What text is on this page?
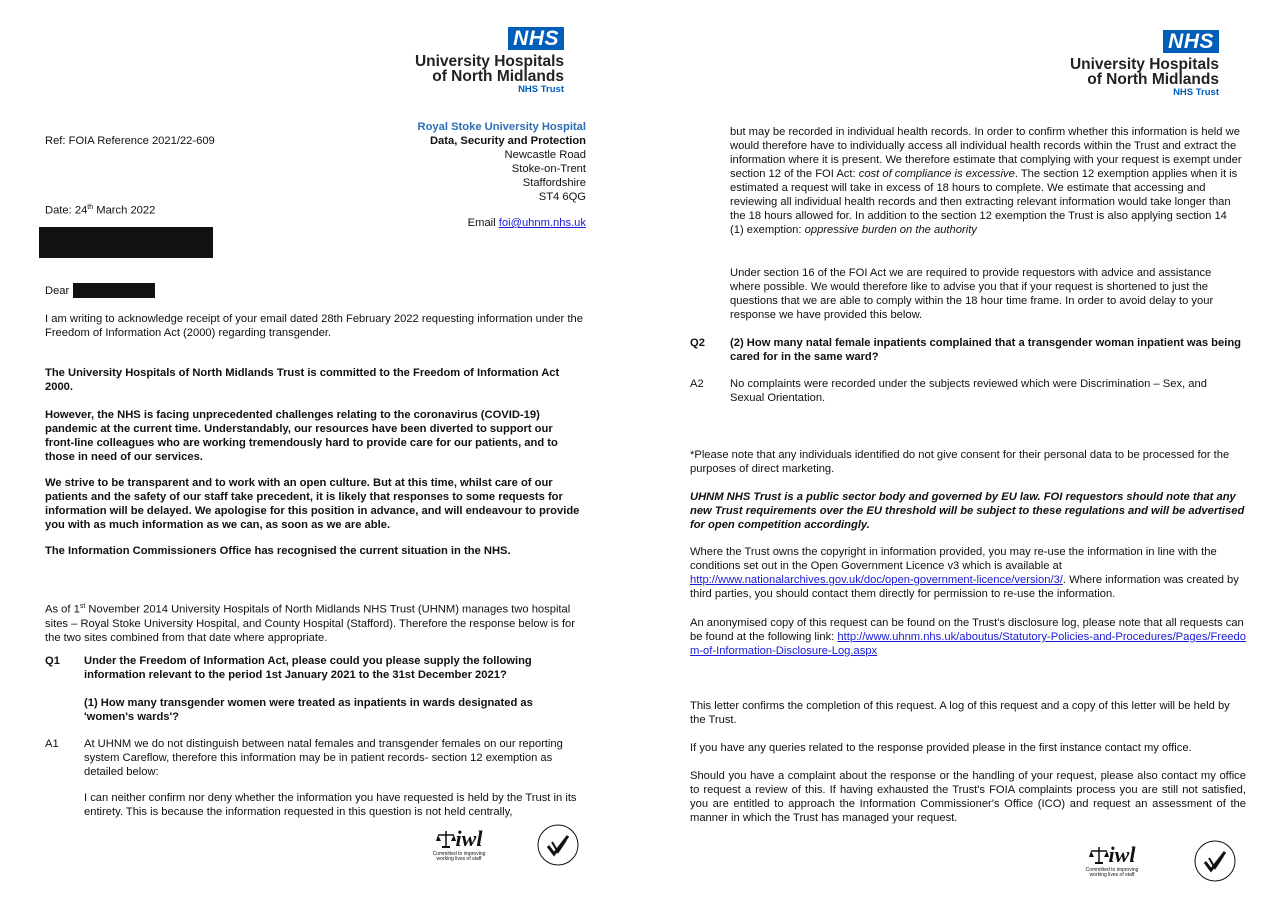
NHS
University Hospitals
of North Midlands
NHS Trust
Royal Stoke University Hospital
Data, Security and Protection
Newcastle Road
Stoke-on-Trent
Staffordshire
ST4 6QG
Email foi@uhnm.nhs.uk
Ref: FOIA Reference 2021/22-609
Date: 24th March 2022
Dear
I am writing to acknowledge receipt of your email dated 28th February 2022 requesting information under the Freedom of Information Act (2000) regarding transgender.
The University Hospitals of North Midlands Trust is committed to the Freedom of Information Act 2000.
However, the NHS is facing unprecedented challenges relating to the coronavirus (COVID-19) pandemic at the current time. Understandably, our resources have been diverted to support our front-line colleagues who are working tremendously hard to provide care for our patients, and to those in need of our services.
We strive to be transparent and to work with an open culture. But at this time, whilst care of our patients and the safety of our staff take precedent, it is likely that responses to some requests for information will be delayed. We apologise for this position in advance, and will endeavour to provide you with as much information as we can, as soon as we are able.
The Information Commissioners Office has recognised the current situation in the NHS.
As of 1st November 2014 University Hospitals of North Midlands NHS Trust (UHNM) manages two hospital sites – Royal Stoke University Hospital, and County Hospital (Stafford). Therefore the response below is for the two sites combined from that date where appropriate.
Q1 Under the Freedom of Information Act, please could you please supply the following information relevant to the period 1st January 2021 to the 31st December 2021?
(1) How many transgender women were treated as inpatients in wards designated as 'women's wards'?
A1 At UHNM we do not distinguish between natal females and transgender females on our reporting system Careflow, therefore this information may be in patient records- section 12 exemption as detailed below:
I can neither confirm nor deny whether the information you have requested is held by the Trust in its entirety. This is because the information requested in this question is not held centrally,
iwl
Committed to improving working lives of staff
NHS
University Hospitals
of North Midlands
NHS Trust
but may be recorded in individual health records. In order to confirm whether this information is held we would therefore have to individually access all individual health records within the Trust and extract the information where it is present. We therefore estimate that complying with your request is exempt under section 12 of the FOI Act: cost of compliance is excessive. The section 12 exemption applies when it is estimated a request will take in excess of 18 hours to complete. We estimate that accessing and reviewing all individual health records and then extracting relevant information would take longer than the 18 hours allowed for. In addition to the section 12 exemption the Trust is also applying section 14 (1) exemption: oppressive burden on the authority
Under section 16 of the FOI Act we are required to provide requestors with advice and assistance where possible. We would therefore like to advise you that if your request is shortened to just the questions that we are able to comply within the 18 hour time frame. In order to avoid delay to your response we have provided this below.
Q2 (2) How many natal female inpatients complained that a transgender woman inpatient was being cared for in the same ward?
A2 No complaints were recorded under the subjects reviewed which were Discrimination – Sex, and Sexual Orientation.
*Please note that any individuals identified do not give consent for their personal data to be processed for the purposes of direct marketing.
UHNM NHS Trust is a public sector body and governed by EU law. FOI requestors should note that any new Trust requirements over the EU threshold will be subject to these regulations and will be advertised for open competition accordingly.
Where the Trust owns the copyright in information provided, you may re-use the information in line with the conditions set out in the Open Government Licence v3 which is available at http://www.nationalarchives.gov.uk/doc/open-government-licence/version/3/. Where information was created by third parties, you should contact them directly for permission to re-use the information.
An anonymised copy of this request can be found on the Trust's disclosure log, please note that all requests can be found at the following link: http://www.uhnm.nhs.uk/aboutus/Statutory-Policies-and-Procedures/Pages/Freedom-of-Information-Disclosure-Log.aspx
This letter confirms the completion of this request. A log of this request and a copy of this letter will be held by the Trust.
If you have any queries related to the response provided please in the first instance contact my office.
Should you have a complaint about the response or the handling of your request, please also contact my office to request a review of this. If having exhausted the Trust's FOIA complaints process you are still not satisfied, you are entitled to approach the Information Commissioner's Office (ICO) and request an assessment of the manner in which the Trust has managed your request.
iwl
Committed to improving working lives of staff
